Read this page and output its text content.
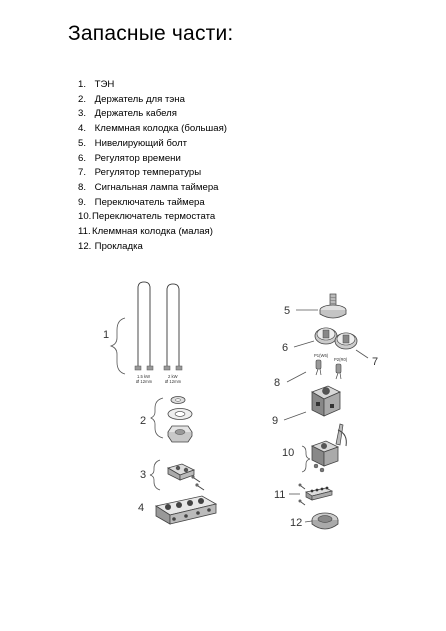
Запасные части:
1. ТЭН
2. Держатель для тэна
3. Держатель кабеля
4. Клеммная колодка (большая)
5. Нивелирующий болт
6. Регулятор времени
7. Регулятор температуры
8. Сигнальная лампа таймера
9. Переключатель таймера
10.Переключатель термостата
11.Клеммная колодка (малая)
12. Прокладка
1
1.5 kW
Ø 12mm
2 kW
Ø 12mm
2
3
4
5
6
7
8
P1(W6)
P2(R0)
9
10
11
12
